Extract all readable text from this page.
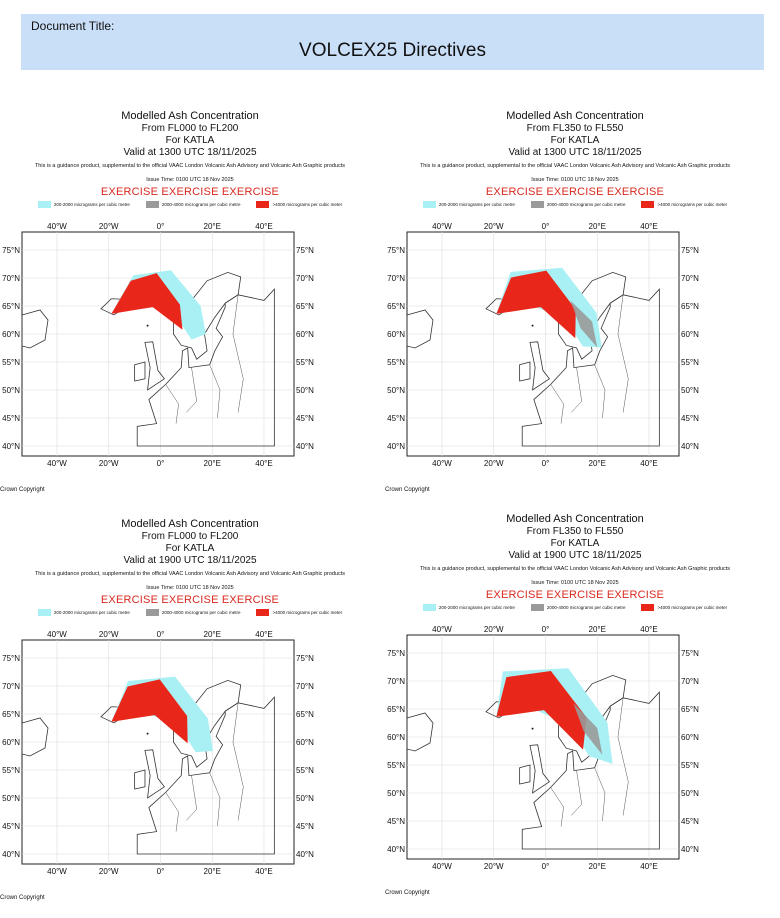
Document Title:
VOLCEX25 Directives
Modelled Ash Concentration
From FL000 to FL200
For KATLA
Valid at 1300 UTC 18/11/2025
This is a guidance product, supplemental to the official VAAC London Volcanic Ash Advisory and Volcanic Ash Graphic products
Issue Time: 0100 UTC 18 Nov 2025
EXERCISE EXERCISE EXERCISE
200-2000 micrograms per cubic metre	2000-4000 micrograms per cubic metre	>4000 micrograms per cubic meter
40°W
40°W
20°W
20°W
0°
0°
20°E
20°E
40°E
40°E
75°N	75°N
70°N	70°N
65°N	65°N
60°N	60°N
55°N	55°N
50°N	50°N
45°N	45°N
40°N	40°N
Crown Copyright
Modelled Ash Concentration
From FL350 to FL550
For KATLA
Valid at 1300 UTC 18/11/2025
This is a guidance product, supplemental to the official VAAC London Volcanic Ash Advisory and Volcanic Ash Graphic products
Issue Time: 0100 UTC 18 Nov 2025
EXERCISE EXERCISE EXERCISE
200-2000 micrograms per cubic metre	2000-4000 micrograms per cubic metre	>4000 micrograms per cubic meter
40°W
40°W
20°W
20°W
0°
0°
20°E
20°E
40°E
40°E
75°N	75°N
70°N	70°N
65°N	65°N
60°N	60°N
55°N	55°N
50°N	50°N
45°N	45°N
40°N	40°N
Crown Copyright
Modelled Ash Concentration
From FL000 to FL200
For KATLA
Valid at 1900 UTC 18/11/2025
This is a guidance product, supplemental to the official VAAC London Volcanic Ash Advisory and Volcanic Ash Graphic products
Issue Time: 0100 UTC 18 Nov 2025
EXERCISE EXERCISE EXERCISE
200-2000 micrograms per cubic metre	2000-4000 micrograms per cubic metre	>4000 micrograms per cubic meter
40°W
40°W
20°W
20°W
0°
0°
20°E
20°E
40°E
40°E
75°N	75°N
70°N	70°N
65°N	65°N
60°N	60°N
55°N	55°N
50°N	50°N
45°N	45°N
40°N	40°N
Crown Copyright
Modelled Ash Concentration
From FL350 to FL550
For KATLA
Valid at 1900 UTC 18/11/2025
This is a guidance product, supplemental to the official VAAC London Volcanic Ash Advisory and Volcanic Ash Graphic products
Issue Time: 0100 UTC 18 Nov 2025
EXERCISE EXERCISE EXERCISE
200-2000 micrograms per cubic metre	2000-4000 micrograms per cubic metre	>4000 micrograms per cubic meter
40°W
40°W
20°W
20°W
0°
0°
20°E
20°E
40°E
40°E
75°N	75°N
70°N	70°N
65°N	65°N
60°N	60°N
55°N	55°N
50°N	50°N
45°N	45°N
40°N	40°N
Crown Copyright
